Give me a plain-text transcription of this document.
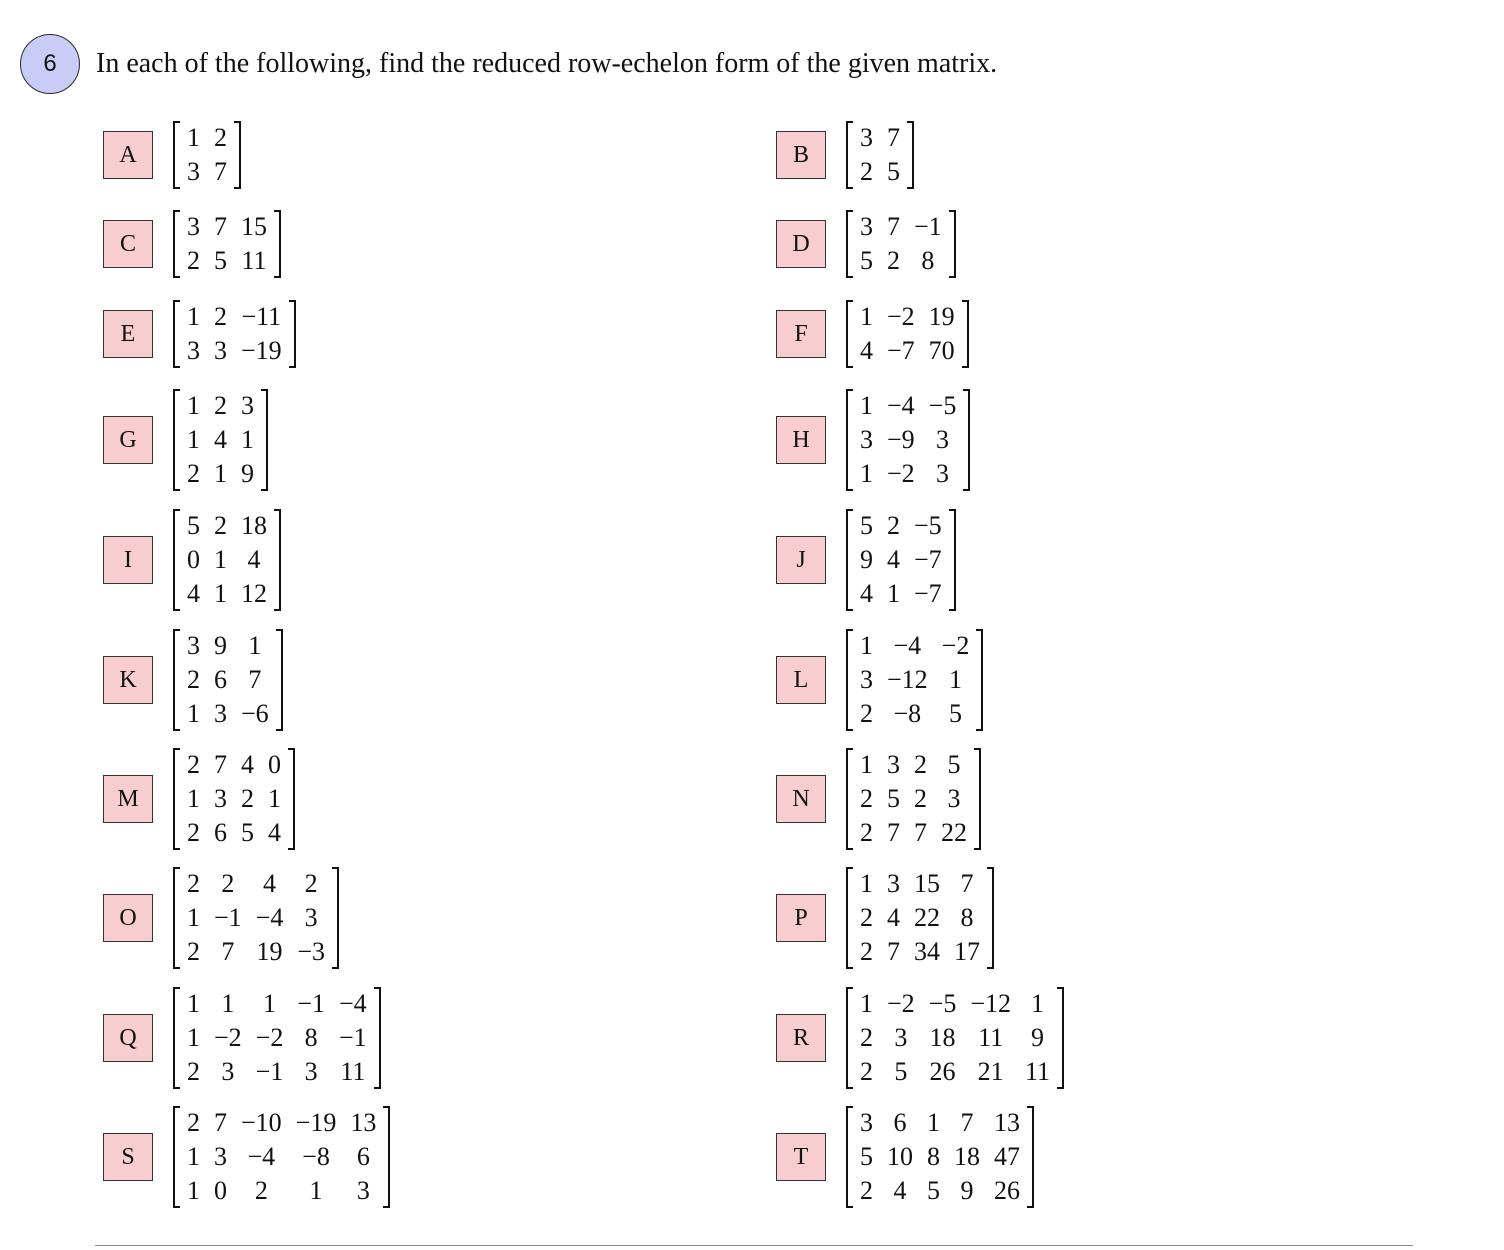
6	In each of the following, find the reduced row-echelon form of the given matrix.
A
1	2
3	7
B
3	7
2	5
C
3	7	15
2	5	11
D
3	7	−1
5	2	8
E
1	2	−11
3	3	−19
F
1	−2	19
4	−7	70
G
1	2	3
1	4	1
2	1	9
H
1	−4	−5
3	−9	3
1	−2	3
I
5	2	18
0	1	4
4	1	12
J
5	2	−5
9	4	−7
4	1	−7
K
3	9	1
2	6	7
1	3	−6
L
1	−4	−2
3	−12	1
2	−8	5
M
2	7	4	0
1	3	2	1
2	6	5	4
N
1	3	2	5
2	5	2	3
2	7	7	22
O
2	2	4	2
1	−1	−4	3
2	7	19	−3
P
1	3	15	7
2	4	22	8
2	7	34	17
Q
1	1	1	−1	−4
1	−2	−2	8	−1
2	3	−1	3	11
R
1	−2	−5	−12	1
2	3	18	11	9
2	5	26	21	11
S
2	7	−10	−19	13
1	3	−4	−8	6
1	0	2	1	3
T
3	6	1	7	13
5	10	8	18	47
2	4	5	9	26
